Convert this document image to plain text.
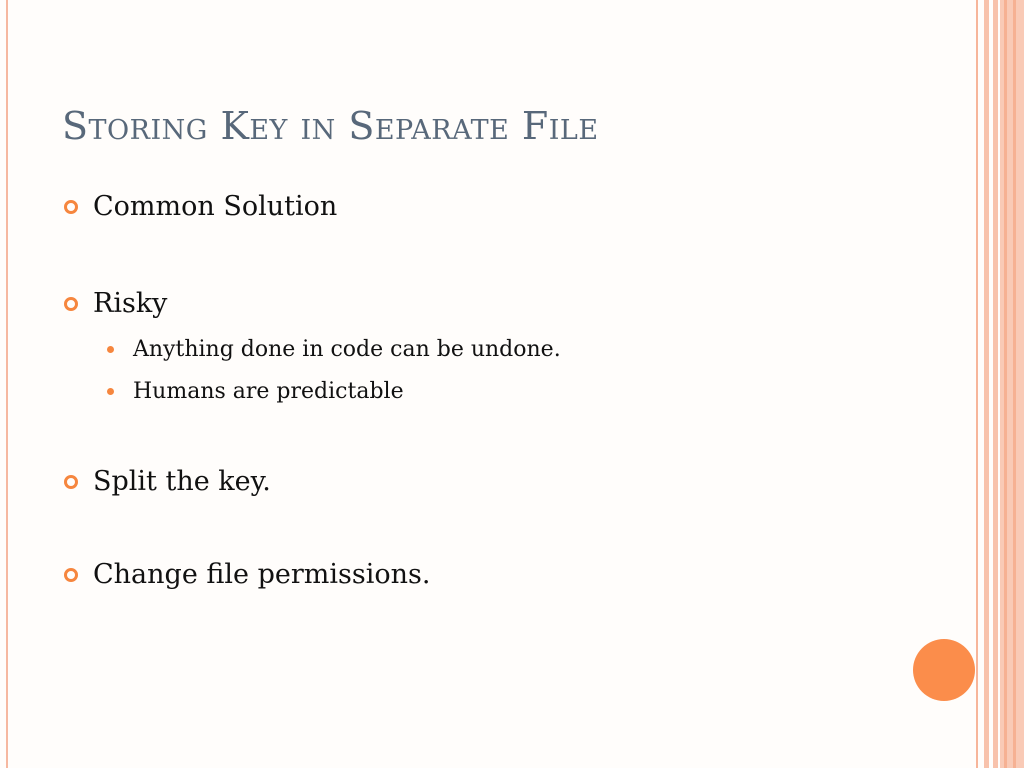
Storing Key in Separate File
Common Solution
Risky
Anything done in code can be undone.
Humans are predictable
Split the key.
Change file permissions.
